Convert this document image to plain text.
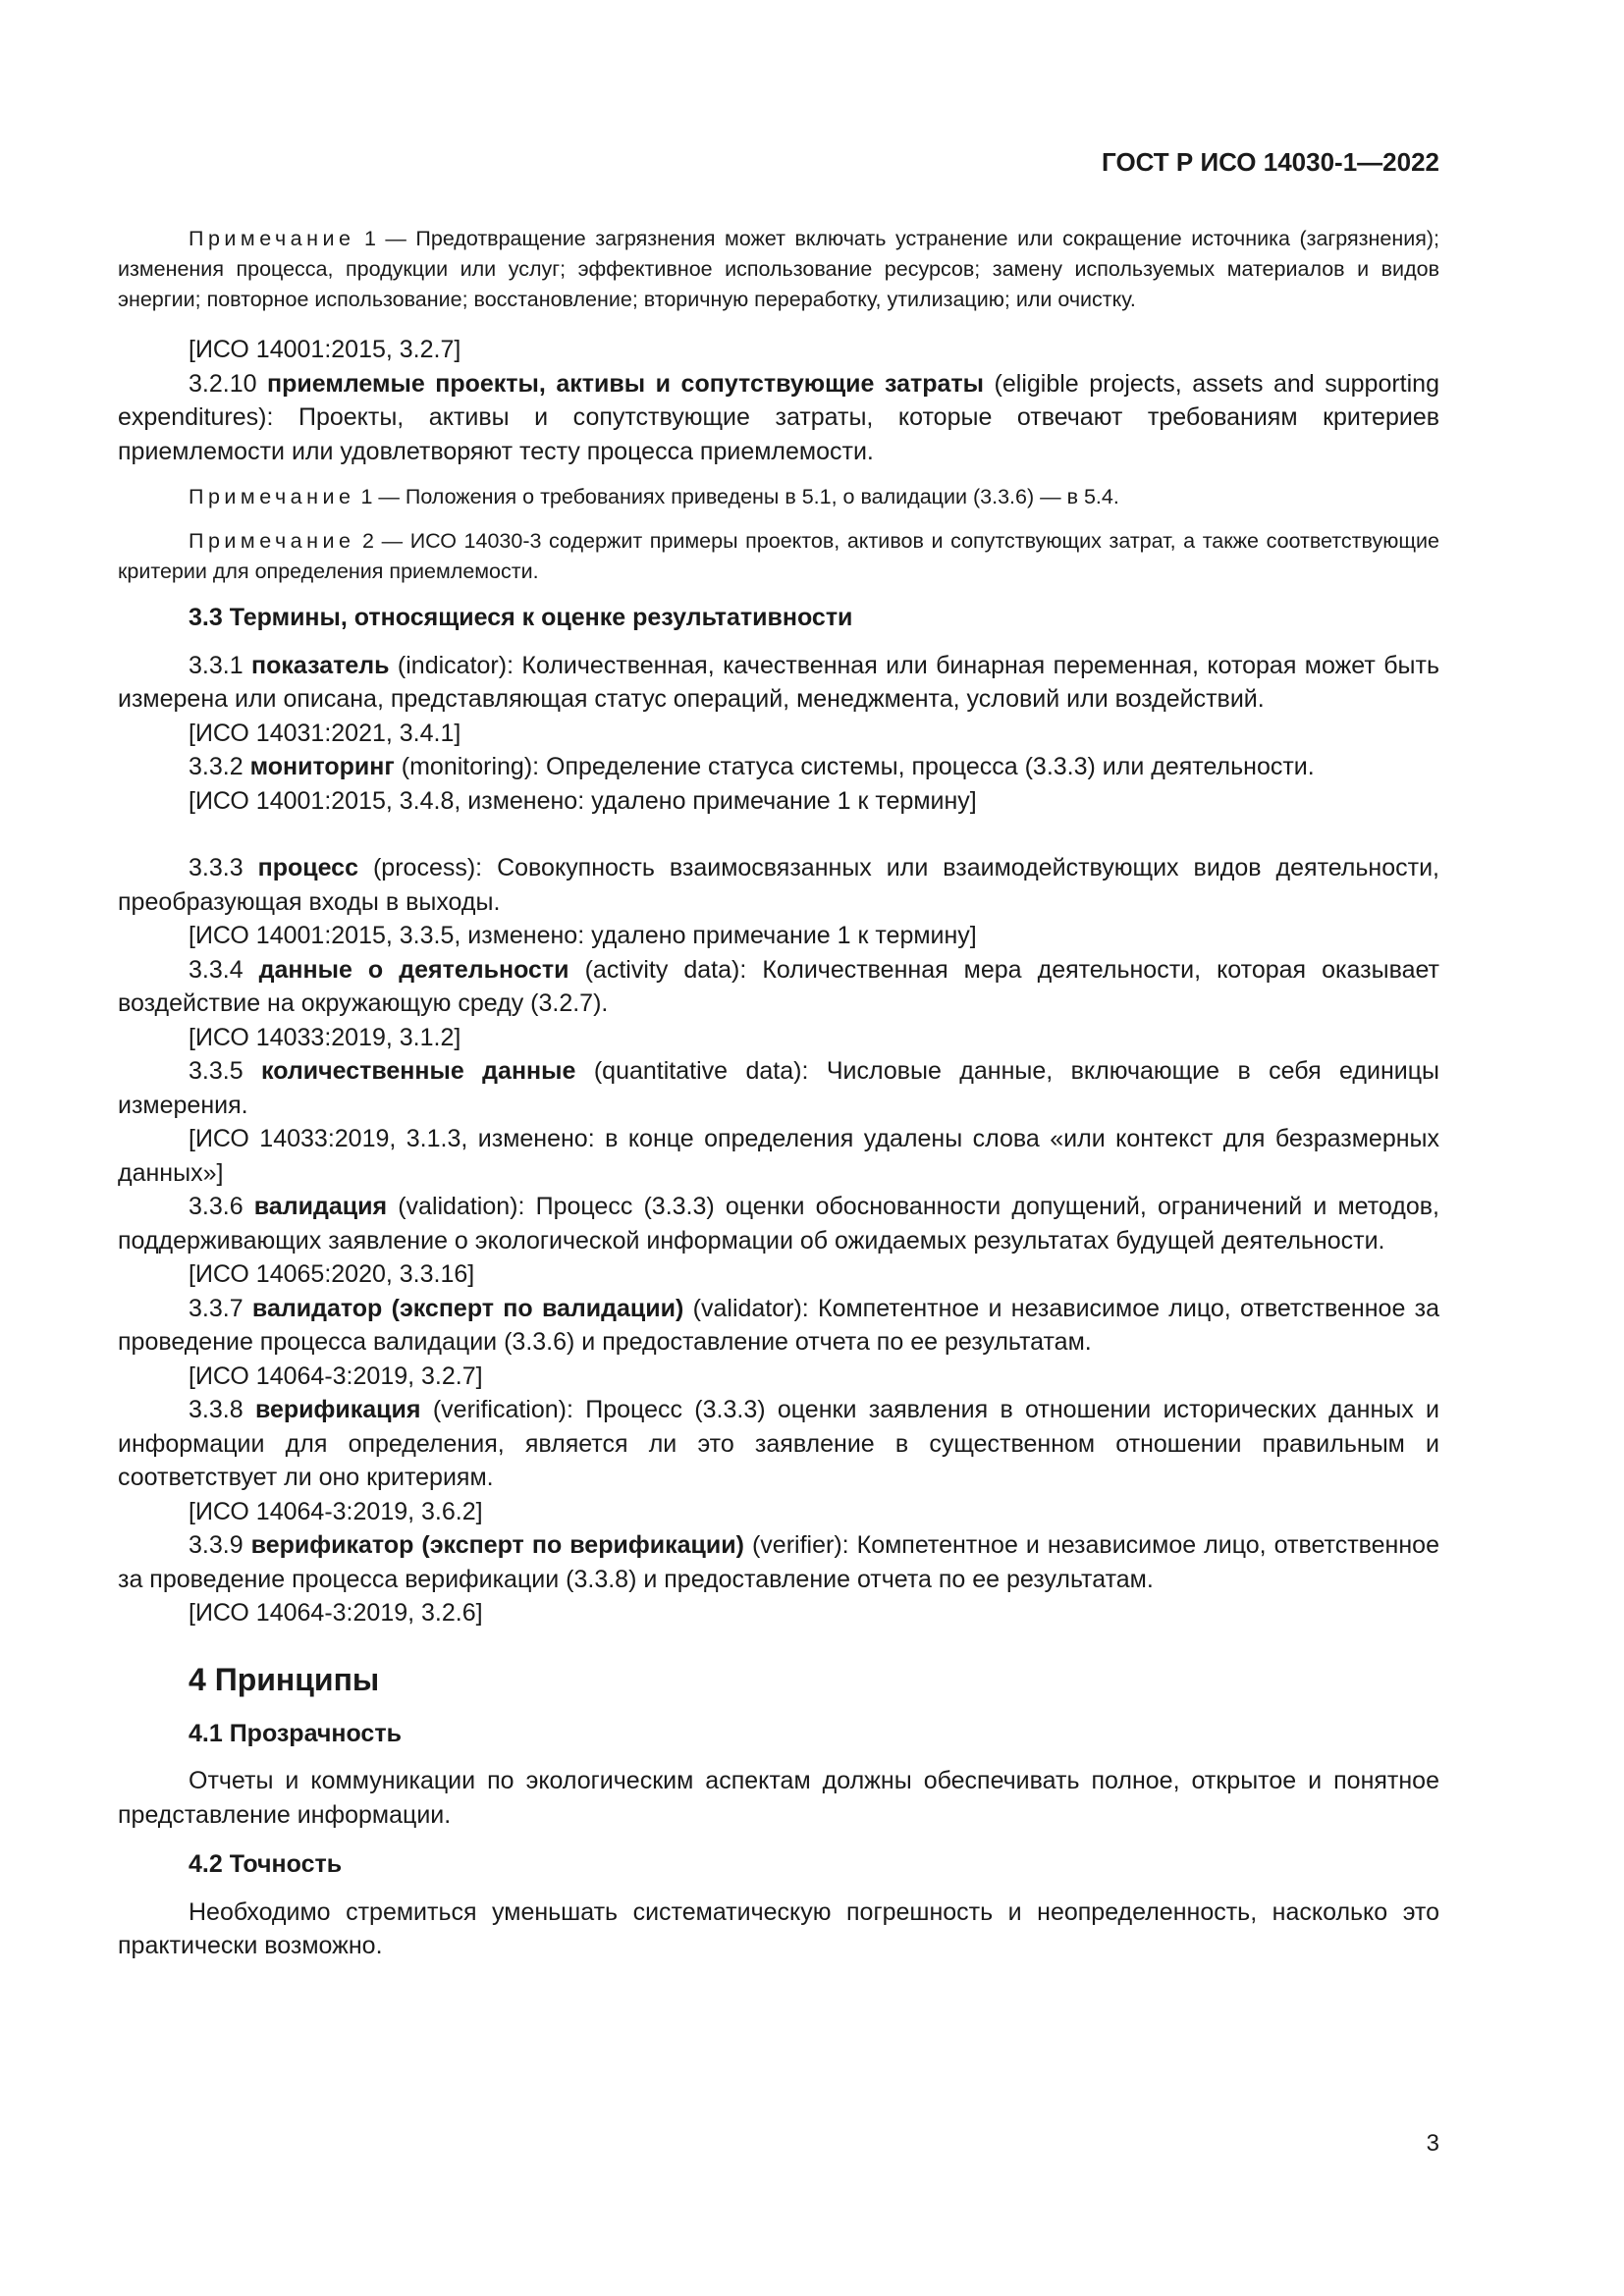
ГОСТ Р ИСО 14030-1—2022

Примечание 1 — Предотвращение загрязнения может включать устранение или сокращение источника (загрязнения); изменения процесса, продукции или услуг; эффективное использование ресурсов; замену используемых материалов и видов энергии; повторное использование; восстановление; вторичную переработку, утилизацию; или очистку.

[ИСО 14001:2015, 3.2.7]

3.2.10 приемлемые проекты, активы и сопутствующие затраты (eligible projects, assets and supporting expenditures): Проекты, активы и сопутствующие затраты, которые отвечают требованиям критериев приемлемости или удовлетворяют тесту процесса приемлемости.

Примечание 1 — Положения о требованиях приведены в 5.1, о валидации (3.3.6) — в 5.4.

Примечание 2 — ИСО 14030-3 содержит примеры проектов, активов и сопутствующих затрат, а также соответствующие критерии для определения приемлемости.

3.3 Термины, относящиеся к оценке результативности

3.3.1 показатель (indicator): Количественная, качественная или бинарная переменная, которая может быть измерена или описана, представляющая статус операций, менеджмента, условий или воздействий.

[ИСО 14031:2021, 3.4.1]

3.3.2 мониторинг (monitoring): Определение статуса системы, процесса (3.3.3) или деятельности.

[ИСО 14001:2015, 3.4.8, изменено: удалено примечание 1 к термину]

3.3.3 процесс (process): Совокупность взаимосвязанных или взаимодействующих видов деятельности, преобразующая входы в выходы.

[ИСО 14001:2015, 3.3.5, изменено: удалено примечание 1 к термину]

3.3.4 данные о деятельности (activity data): Количественная мера деятельности, которая оказывает воздействие на окружающую среду (3.2.7).

[ИСО 14033:2019, 3.1.2]

3.3.5 количественные данные (quantitative data): Числовые данные, включающие в себя единицы измерения.

[ИСО 14033:2019, 3.1.3, изменено: в конце определения удалены слова «или контекст для безразмерных данных»]

3.3.6 валидация (validation): Процесс (3.3.3) оценки обоснованности допущений, ограничений и методов, поддерживающих заявление о экологической информации об ожидаемых результатах будущей деятельности.

[ИСО 14065:2020, 3.3.16]

3.3.7 валидатор (эксперт по валидации) (validator): Компетентное и независимое лицо, ответственное за проведение процесса валидации (3.3.6) и предоставление отчета по ее результатам.

[ИСО 14064-3:2019, 3.2.7]

3.3.8 верификация (verification): Процесс (3.3.3) оценки заявления в отношении исторических данных и информации для определения, является ли это заявление в существенном отношении правильным и соответствует ли оно критериям.

[ИСО 14064-3:2019, 3.6.2]

3.3.9 верификатор (эксперт по верификации) (verifier): Компетентное и независимое лицо, ответственное за проведение процесса верификации (3.3.8) и предоставление отчета по ее результатам.

[ИСО 14064-3:2019, 3.2.6]

4 Принципы

4.1 Прозрачность

Отчеты и коммуникации по экологическим аспектам должны обеспечивать полное, открытое и понятное представление информации.

4.2 Точность

Необходимо стремиться уменьшать систематическую погрешность и неопределенность, насколько это практически возможно.

3
